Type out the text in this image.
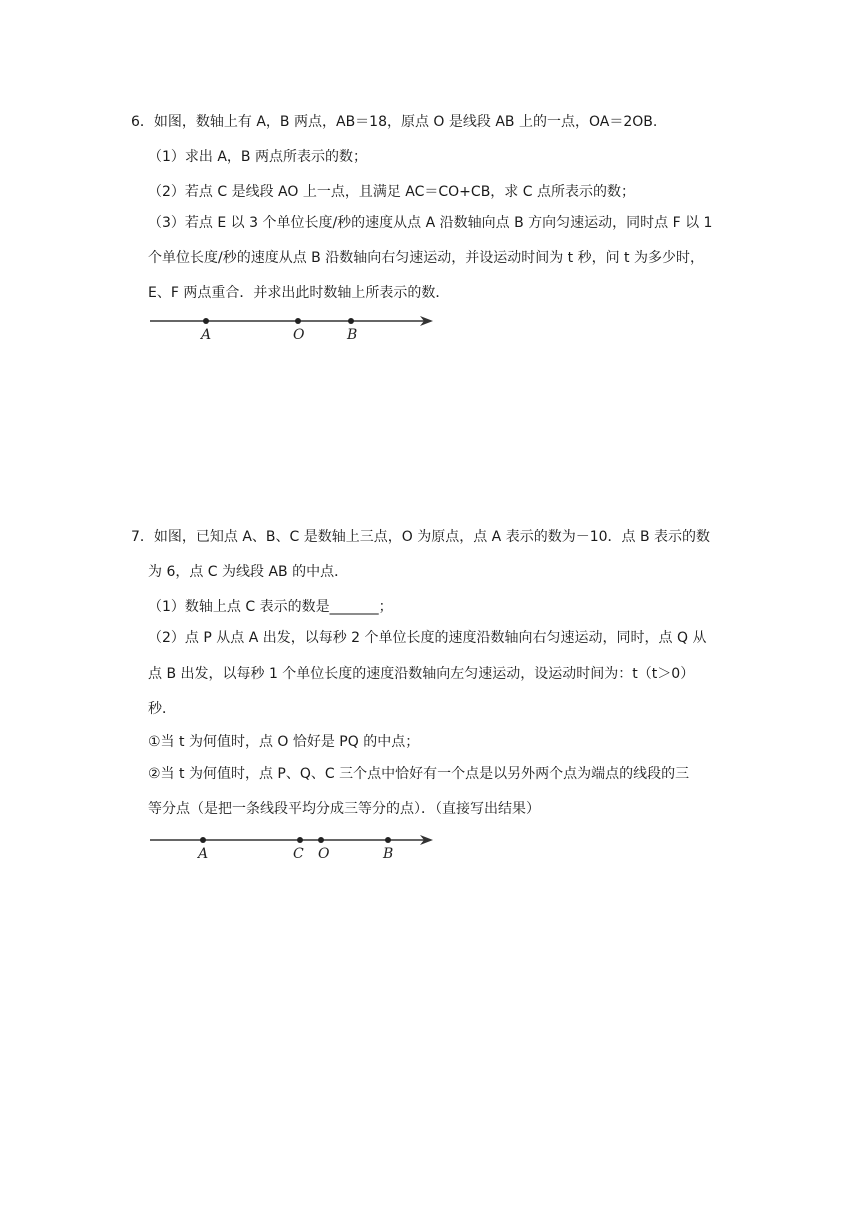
6．如图，数轴上有 A，B 两点，AB＝18，原点 O 是线段 AB 上的一点，OA＝2OB.
（1）求出 A，B 两点所表示的数；
（2）若点 C 是线段 AO 上一点，且满足 AC＝CO+CB，求 C 点所表示的数；
（3）若点 E 以 3 个单位长度/秒的速度从点 A 沿数轴向点 B 方向匀速运动，同时点 F 以 1
个单位长度/秒的速度从点 B 沿数轴向右匀速运动，并设运动时间为 t 秒，问 t 为多少时，
E、F 两点重合．并求出此时数轴上所表示的数．
A	O	B
7．如图，已知点 A、B、C 是数轴上三点，O 为原点，点 A 表示的数为－10．点 B 表示的数
为 6，点 C 为线段 AB 的中点．
（1）数轴上点 C 表示的数是_______；
（2）点 P 从点 A 出发，以每秒 2 个单位长度的速度沿数轴向右匀速运动，同时，点 Q 从
点 B 出发，以每秒 1 个单位长度的速度沿数轴向左匀速运动，设运动时间为：t（t＞0）
秒．
①当 t 为何值时，点 O 恰好是 PQ 的中点；
②当 t 为何值时，点 P、Q、C 三个点中恰好有一个点是以另外两个点为端点的线段的三
等分点（是把一条线段平均分成三等分的点）．（直接写出结果）
A	C O	B
